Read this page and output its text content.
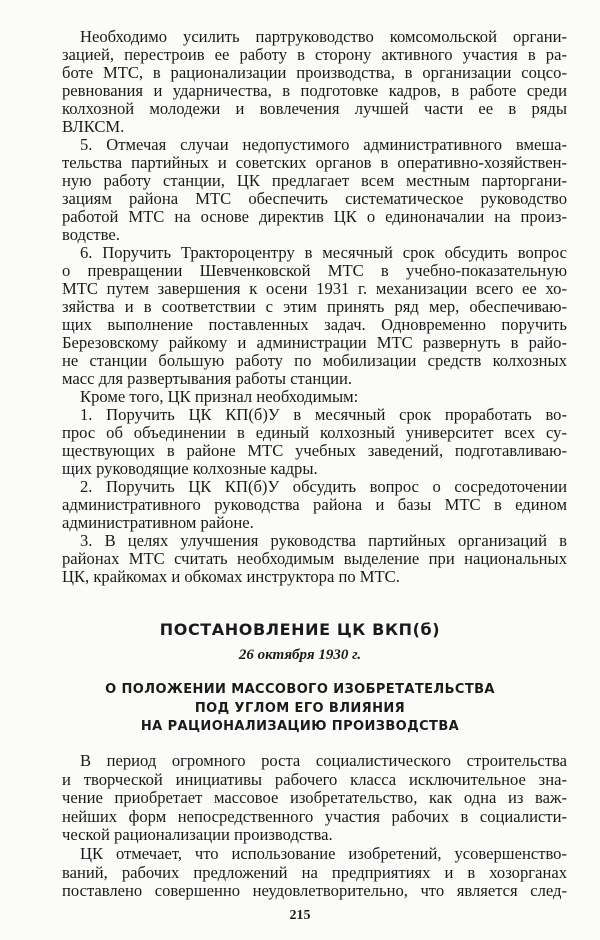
Необходимо усилить партруководство комсомольской органи-
зацией, перестроив ее работу в сторону активного участия в ра-
боте МТС, в рационализации производства, в организации соцсо-
ревнования и ударничества, в подготовке кадров, в работе среди
колхозной молодежи и вовлечения лучшей части ее в ряды
ВЛКСМ.
5. Отмечая случаи недопустимого административного вмеша-
тельства партийных и советских органов в оперативно-хозяйствен-
ную работу станции, ЦК предлагает всем местным парторгани-
зациям района МТС обеспечить систематическое руководство
работой МТС на основе директив ЦК о единоначалии на произ-
водстве.
6. Поручить Трактороцентру в месячный срок обсудить вопрос
о превращении Шевченковской МТС в учебно-показательную
МТС путем завершения к осени 1931 г. механизации всего ее хо-
зяйства и в соответствии с этим принять ряд мер, обеспечиваю-
щих выполнение поставленных задач. Одновременно поручить
Березовскому райкому и администрации МТС развернуть в райо-
не станции большую работу по мобилизации средств колхозных
масс для развертывания работы станции.
Кроме того, ЦК признал необходимым:
1. Поручить ЦК КП(б)У в месячный срок проработать во-
прос об объединении в единый колхозный университет всех су-
ществующих в районе МТС учебных заведений, подготавливаю-
щих руководящие колхозные кадры.
2. Поручить ЦК КП(б)У обсудить вопрос о сосредоточении
административного руководства района и базы МТС в едином
административном районе.
3. В целях улучшения руководства партийных организаций в
районах МТС считать необходимым выделение при национальных
ЦК, крайкомах и обкомах инструктора по МТС.
ПОСТАНОВЛЕНИЕ ЦК ВКП(б)
26 октября 1930 г.
О ПОЛОЖЕНИИ МАССОВОГО ИЗОБРЕТАТЕЛЬСТВА
ПОД УГЛОМ ЕГО ВЛИЯНИЯ
НА РАЦИОНАЛИЗАЦИЮ ПРОИЗВОДСТВА
В период огромного роста социалистического строительства
и творческой инициативы рабочего класса исключительное зна-
чение приобретает массовое изобретательство, как одна из важ-
нейших форм непосредственного участия рабочих в социалисти-
ческой рационализации производства.
ЦК отмечает, что использование изобретений, усовершенство-
ваний, рабочих предложений на предприятиях и в хозорганах
поставлено совершенно неудовлетворительно, что является след-
215
